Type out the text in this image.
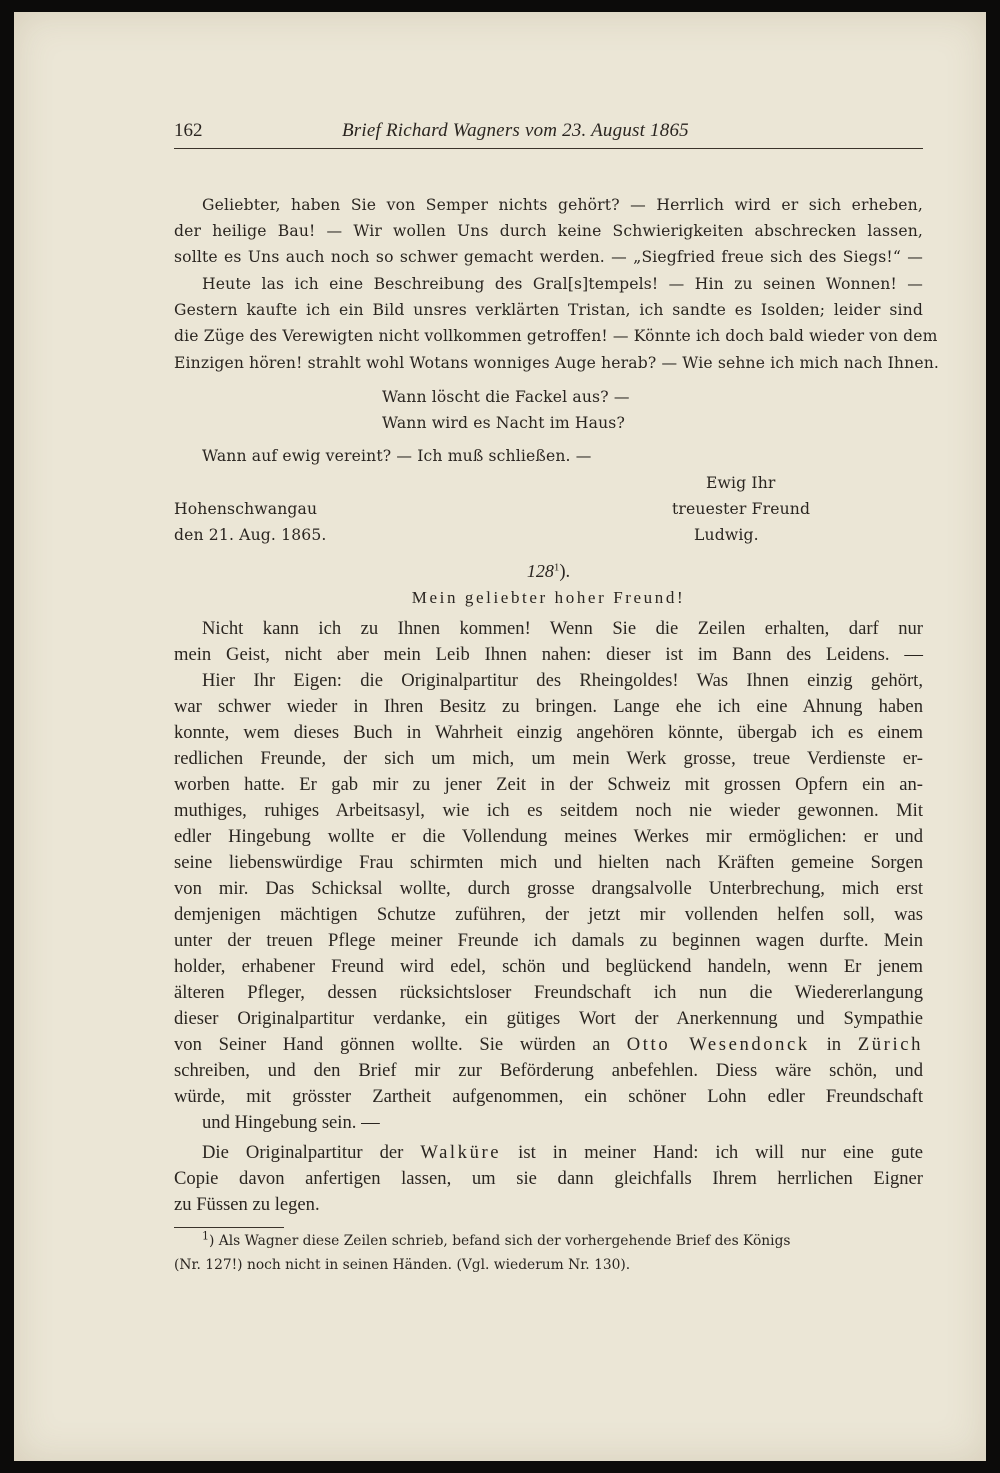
162	Brief Richard Wagners vom 23. August 1865
Geliebter, haben Sie von Semper nichts gehört? — Herrlich wird er sich erheben,
der heilige Bau! — Wir wollen Uns durch keine Schwierigkeiten abschrecken lassen,
sollte es Uns auch noch so schwer gemacht werden. — „Siegfried freue sich des Siegs!“ —
Heute las ich eine Beschreibung des Gral[s]tempels! — Hin zu seinen Wonnen! —
Gestern kaufte ich ein Bild unsres verklärten Tristan, ich sandte es Isolden; leider sind
die Züge des Verewigten nicht vollkommen getroffen! — Könnte ich doch bald wieder von dem
Einzigen hören! strahlt wohl Wotans wonniges Auge herab? — Wie sehne ich mich nach Ihnen.
Wann löscht die Fackel aus? —
Wann wird es Nacht im Haus?
Wann auf ewig vereint? — Ich muß schließen. —
Ewig Ihr
treuester Freund
Ludwig.
Hohenschwangau
den 21. Aug. 1865.
$128^1$).
Mein geliebter hoher Freund!
Nicht kann ich zu Ihnen kommen! Wenn Sie die Zeilen erhalten, darf nur
mein Geist, nicht aber mein Leib Ihnen nahen: dieser ist im Bann des Leidens. —
Hier Ihr Eigen: die Originalpartitur des Rheingoldes! Was Ihnen einzig gehört,
war schwer wieder in Ihren Besitz zu bringen. Lange ehe ich eine Ahnung haben
konnte, wem dieses Buch in Wahrheit einzig angehören könnte, übergab ich es einem
redlichen Freunde, der sich um mich, um mein Werk grosse, treue Verdienste er-
worben hatte. Er gab mir zu jener Zeit in der Schweiz mit grossen Opfern ein an-
muthiges, ruhiges Arbeitsasyl, wie ich es seitdem noch nie wieder gewonnen. Mit
edler Hingebung wollte er die Vollendung meines Werkes mir ermöglichen: er und
seine liebenswürdige Frau schirmten mich und hielten nach Kräften gemeine Sorgen
von mir. Das Schicksal wollte, durch grosse drangsalvolle Unterbrechung, mich erst
demjenigen mächtigen Schutze zuführen, der jetzt mir vollenden helfen soll, was
unter der treuen Pflege meiner Freunde ich damals zu beginnen wagen durfte. Mein
holder, erhabener Freund wird edel, schön und beglückend handeln, wenn Er jenem
älteren Pfleger, dessen rücksichtsloser Freundschaft ich nun die Wiedererlangung
dieser Originalpartitur verdanke, ein gütiges Wort der Anerkennung und Sympathie
von Seiner Hand gönnen wollte. Sie würden an Otto Wesendonck in Zürich
schreiben, und den Brief mir zur Beförderung anbefehlen. Diess wäre schön, und
würde, mit grösster Zartheit aufgenommen, ein schöner Lohn edler Freundschaft
und Hingebung sein. —
Die Originalpartitur der Walküre ist in meiner Hand: ich will nur eine gute
Copie davon anfertigen lassen, um sie dann gleichfalls Ihrem herrlichen Eigner
zu Füssen zu legen.
$^1$) Als Wagner diese Zeilen schrieb, befand sich der vorhergehende Brief des Königs
(Nr. 127!) noch nicht in seinen Händen. (Vgl. wiederum Nr. 130).
